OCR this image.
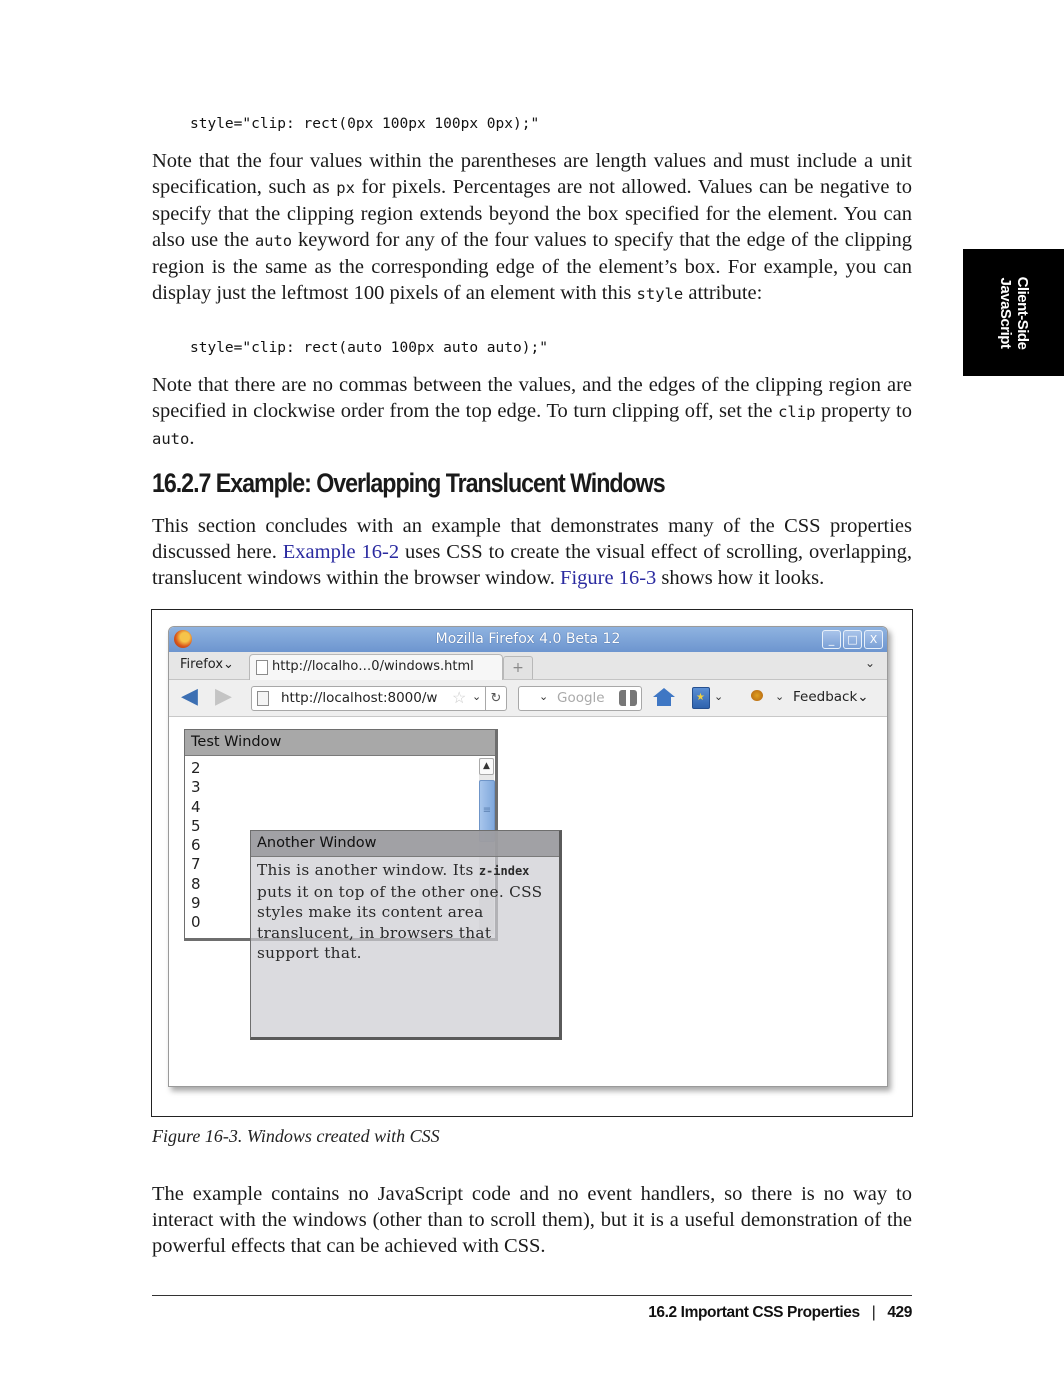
style="clip: rect(0px 100px 100px 0px);"
Note that the four values within the parentheses are length values and must include a unit specification, such as px for pixels. Percentages are not allowed. Values can be negative to specify that the clipping region extends beyond the box specified for the element. You can also use the auto keyword for any of the four values to specify that the edge of the clipping region is the same as the corresponding edge of the element’s box. For example, you can display just the leftmost 100 pixels of an element with this style attribute:
style="clip: rect(auto 100px auto auto);"
Note that there are no commas between the values, and the edges of the clipping region are specified in clockwise order from the top edge. To turn clipping off, set the clip property to auto.
16.2.7 Example: Overlapping Translucent Windows
This section concludes with an example that demonstrates many of the CSS properties discussed here. Example 16-2 uses CSS to create the visual effect of scrolling, overlapping, translucent windows within the browser window. Figure 16-3 shows how it looks.
Client-Side
JavaScript
Mozilla Firefox 4.0 Beta 12	_	□	X
Firefox⌄	http://localho…0/windows.html	+	⌄
◀ ▶	http://localhost:8000/w ☆ ⌄ ↻	⌄ Google ★	⌄	⌄ Feedback⌄
Test Window
2
3
4
5
6
7
8
9
0
▲
≡
Another Window
This is another window. Its z-index puts it on top of the other one. CSS styles make its content area translucent, in browsers that support that.
Figure 16-3. Windows created with CSS
The example contains no JavaScript code and no event handlers, so there is no way to interact with the windows (other than to scroll them), but it is a useful demonstration of the powerful effects that can be achieved with CSS.
16.2 Important CSS Properties | 429
